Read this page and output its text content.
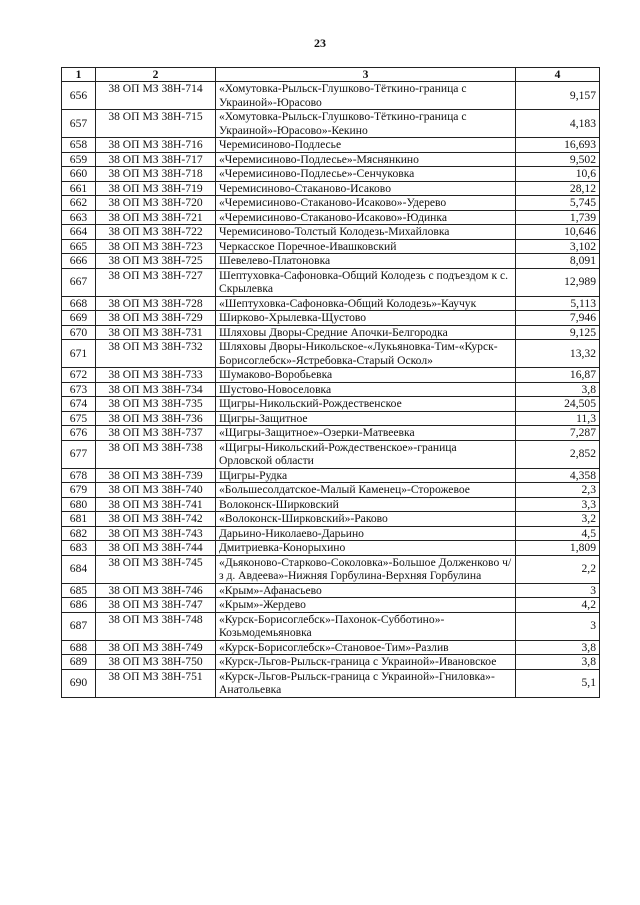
23
1	2	3	4
656	38 ОП МЗ 38Н-714	«Хомутовка-Рыльск-Глушково-Тёткино-граница с Украиной»-Юрасово	9,157
657	38 ОП МЗ 38Н-715	«Хомутовка-Рыльск-Глушково-Тёткино-граница с Украиной»-Юрасово»-Кекино	4,183
658	38 ОП МЗ 38Н-716	Черемисиново-Подлесье	16,693
659	38 ОП МЗ 38Н-717	«Черемисиново-Подлесье»-Мяснянкино	9,502
660	38 ОП МЗ 38Н-718	«Черемисиново-Подлесье»-Сенчуковка	10,6
661	38 ОП МЗ 38Н-719	Черемисиново-Стаканово-Исаково	28,12
662	38 ОП МЗ 38Н-720	«Черемисиново-Стаканово-Исаково»-Удерево	5,745
663	38 ОП МЗ 38Н-721	«Черемисиново-Стаканово-Исаково»-Юдинка	1,739
664	38 ОП МЗ 38Н-722	Черемисиново-Толстый Колодезь-Михайловка	10,646
665	38 ОП МЗ 38Н-723	Черкасское Поречное-Ивашковский	3,102
666	38 ОП МЗ 38Н-725	Шевелево-Платоновка	8,091
667	38 ОП МЗ 38Н-727	Шептуховка-Сафоновка-Общий Колодезь с подъездом к с. Скрылевка	12,989
668	38 ОП МЗ 38Н-728	«Шептуховка-Сафоновка-Общий Колодезь»-Каучук	5,113
669	38 ОП МЗ 38Н-729	Ширково-Хрылевка-Щустово	7,946
670	38 ОП МЗ 38Н-731	Шляховы Дворы-Средние Апочки-Белгородка	9,125
671	38 ОП МЗ 38Н-732	Шляховы Дворы-Никольское-«Лукьяновка-Тим-«Курск-Борисоглебск»-Ястребовка-Старый Оскол»	13,32
672	38 ОП МЗ 38Н-733	Шумаково-Воробьевка	16,87
673	38 ОП МЗ 38Н-734	Шустово-Новоселовка	3,8
674	38 ОП МЗ 38Н-735	Щигры-Никольский-Рождественское	24,505
675	38 ОП МЗ 38Н-736	Щигры-Защитное	11,3
676	38 ОП МЗ 38Н-737	«Щигры-Защитное»-Озерки-Матвеевка	7,287
677	38 ОП МЗ 38Н-738	«Щигры-Никольский-Рождественское»-граница Орловской области	2,852
678	38 ОП МЗ 38Н-739	Щигры-Рудка	4,358
679	38 ОП МЗ 38Н-740	«Большесолдатское-Малый Каменец»-Сторожевое	2,3
680	38 ОП МЗ 38Н-741	Волоконск-Ширковский	3,3
681	38 ОП МЗ 38Н-742	«Волоконск-Ширковский»-Раково	3,2
682	38 ОП МЗ 38Н-743	Дарьино-Николаево-Дарьино	4,5
683	38 ОП МЗ 38Н-744	Дмитриевка-Конорыхино	1,809
684	38 ОП МЗ 38Н-745	«Дьяконово-Старково-Соколовка»-Большое Долженково ч/з д. Авдеева»-Нижняя Горбулина-Верхняя Горбулина	2,2
685	38 ОП МЗ 38Н-746	«Крым»-Афанасьево	3
686	38 ОП МЗ 38Н-747	«Крым»-Жердево	4,2
687	38 ОП МЗ 38Н-748	«Курск-Борисоглебск»-Пахонок-Субботино»-Козьмодемьяновка	3
688	38 ОП МЗ 38Н-749	«Курск-Борисоглебск»-Становое-Тим»-Разлив	3,8
689	38 ОП МЗ 38Н-750	«Курск-Льгов-Рыльск-граница с Украиной»-Ивановское	3,8
690	38 ОП МЗ 38Н-751	«Курск-Льгов-Рыльск-граница с Украиной»-Гниловка»-Анатольевка	5,1
